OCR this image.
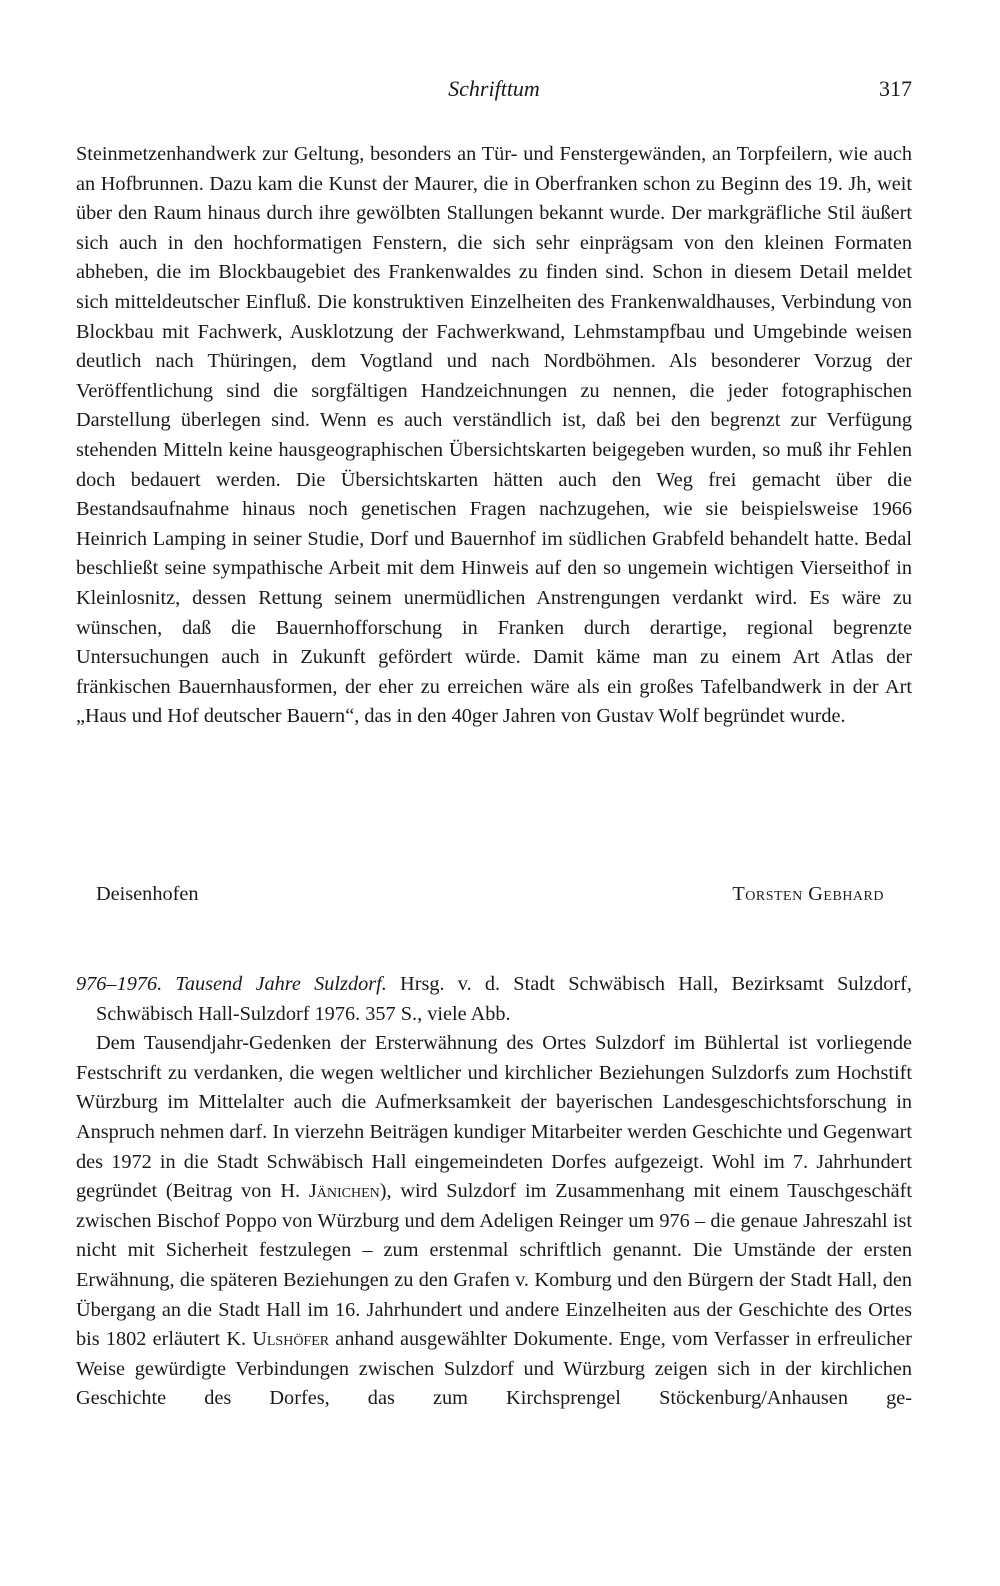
Schrifttum	317

Steinmetzenhandwerk zur Geltung, besonders an Tür- und Fenstergewänden, an Torpfeilern, wie auch an Hofbrunnen. Dazu kam die Kunst der Maurer, die in Oberfranken schon zu Beginn des 19. Jh, weit über den Raum hinaus durch ihre gewölbten Stallungen bekannt wurde. Der markgräfliche Stil äußert sich auch in den hochformatigen Fenstern, die sich sehr einprägsam von den kleinen Formaten abheben, die im Blockbaugebiet des Frankenwaldes zu finden sind. Schon in diesem Detail meldet sich mitteldeutscher Einfluß. Die konstruktiven Einzelheiten des Frankenwaldhauses, Verbindung von Blockbau mit Fachwerk, Ausklotzung der Fachwerkwand, Lehmstampfbau und Umgebinde weisen deutlich nach Thüringen, dem Vogtland und nach Nordböhmen. Als besonderer Vorzug der Veröffentlichung sind die sorgfältigen Handzeichnungen zu nennen, die jeder fotographischen Darstellung überlegen sind. Wenn es auch verständlich ist, daß bei den begrenzt zur Verfügung stehenden Mitteln keine hausgeographischen Übersichtskarten beigegeben wurden, so muß ihr Fehlen doch bedauert werden. Die Übersichtskarten hätten auch den Weg frei gemacht über die Bestandsaufnahme hinaus noch genetischen Fragen nachzugehen, wie sie beispielsweise 1966 Heinrich Lamping in seiner Studie, Dorf und Bauernhof im südlichen Grabfeld behandelt hatte. Bedal beschließt seine sympathische Arbeit mit dem Hinweis auf den so ungemein wichtigen Vierseithof in Kleinlosnitz, dessen Rettung seinem unermüdlichen Anstrengungen verdankt wird. Es wäre zu wünschen, daß die Bauernhofforschung in Franken durch derartige, regional begrenzte Untersuchungen auch in Zukunft gefördert würde. Damit käme man zu einem Art Atlas der fränkischen Bauernhausformen, der eher zu erreichen wäre als ein großes Tafelbandwerk in der Art „Haus und Hof deutscher Bauern“, das in den 40ger Jahren von Gustav Wolf begründet wurde.

Deisenhofen	Torsten Gebhard

976–1976. Tausend Jahre Sulzdorf. Hrsg. v. d. Stadt Schwäbisch Hall, Bezirksamt Sulzdorf, Schwäbisch Hall-Sulzdorf 1976. 357 S., viele Abb.

Dem Tausendjahr-Gedenken der Ersterwähnung des Ortes Sulzdorf im Bühlertal ist vorliegende Festschrift zu verdanken, die wegen weltlicher und kirchlicher Beziehungen Sulzdorfs zum Hochstift Würzburg im Mittelalter auch die Aufmerksamkeit der bayerischen Landesgeschichtsforschung in Anspruch nehmen darf. In vierzehn Beiträgen kundiger Mitarbeiter werden Geschichte und Gegenwart des 1972 in die Stadt Schwäbisch Hall eingemeindeten Dorfes aufgezeigt. Wohl im 7. Jahrhundert gegründet (Beitrag von H. Jänichen), wird Sulzdorf im Zusammenhang mit einem Tauschgeschäft zwischen Bischof Poppo von Würzburg und dem Adeligen Reinger um 976 – die genaue Jahreszahl ist nicht mit Sicherheit festzulegen – zum erstenmal schriftlich genannt. Die Umstände der ersten Erwähnung, die späteren Beziehungen zu den Grafen v. Komburg und den Bürgern der Stadt Hall, den Übergang an die Stadt Hall im 16. Jahrhundert und andere Einzelheiten aus der Geschichte des Ortes bis 1802 erläutert K. Ulshöfer anhand ausgewählter Dokumente. Enge, vom Verfasser in erfreulicher Weise gewürdigte Verbindungen zwischen Sulzdorf und Würzburg zeigen sich in der kirchlichen Geschichte des Dorfes, das zum Kirchsprengel Stöckenburg/Anhausen ge-
